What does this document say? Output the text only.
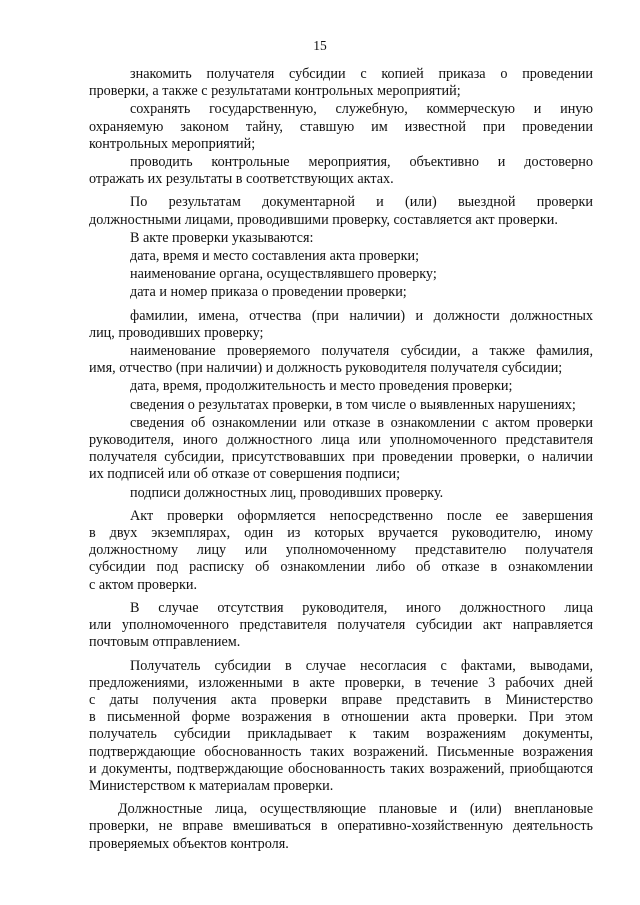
15
знакомить получателя субсидии с копией приказа о проведении
проверки, а также с результатами контрольных мероприятий;
сохранять государственную, служебную, коммерческую и иную
охраняемую законом тайну, ставшую им известной при проведении
контрольных мероприятий;
проводить контрольные мероприятия, объективно и достоверно
отражать их результаты в соответствующих актах.
По результатам документарной и (или) выездной проверки
должностными лицами, проводившими проверку, составляется акт проверки.
В акте проверки указываются:
дата, время и место составления акта проверки;
наименование органа, осуществлявшего проверку;
дата и номер приказа о проведении проверки;
фамилии, имена, отчества (при наличии) и должности должностных
лиц, проводивших проверку;
наименование проверяемого получателя субсидии, а также фамилия,
имя, отчество (при наличии) и должность руководителя получателя субсидии;
дата, время, продолжительность и место проведения проверки;
сведения о результатах проверки, в том числе о выявленных нарушениях;
сведения об ознакомлении или отказе в ознакомлении с актом проверки
руководителя, иного должностного лица или уполномоченного представителя
получателя субсидии, присутствовавших при проведении проверки, о наличии
их подписей или об отказе от совершения подписи;
подписи должностных лиц, проводивших проверку.
Акт проверки оформляется непосредственно после ее завершения
в двух экземплярах, один из которых вручается руководителю, иному
должностному лицу или уполномоченному представителю получателя
субсидии под расписку об ознакомлении либо об отказе в ознакомлении
с актом проверки.
В случае отсутствия руководителя, иного должностного лица
или уполномоченного представителя получателя субсидии акт направляется
почтовым отправлением.
Получатель субсидии в случае несогласия с фактами, выводами,
предложениями, изложенными в акте проверки, в течение 3 рабочих дней
с даты получения акта проверки вправе представить в Министерство
в письменной форме возражения в отношении акта проверки. При этом
получатель субсидии прикладывает к таким возражениям документы,
подтверждающие обоснованность таких возражений. Письменные возражения
и документы, подтверждающие обоснованность таких возражений, приобщаются
Министерством к материалам проверки.
Должностные лица, осуществляющие плановые и (или) внеплановые
проверки, не вправе вмешиваться в оперативно-хозяйственную деятельность
проверяемых объектов контроля.
